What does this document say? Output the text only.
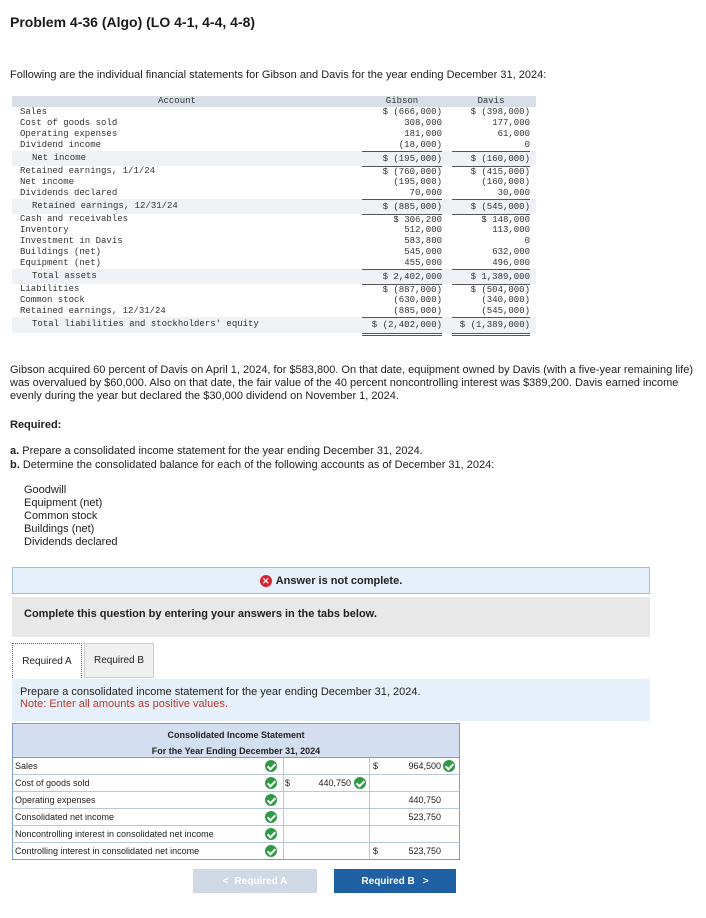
Problem 4-36 (Algo) (LO 4-1, 4-4, 4-8)
Following are the individual financial statements for Gibson and Davis for the year ending December 31, 2024:
Account	Gibson	Davis
Sales	$ (666,000)	$ (398,000)
Cost of goods sold	308,000	177,000
Operating expenses	181,000	61,000
Dividend income	(18,000)	0
Net income	$ (195,000)	$ (160,000)
Retained earnings, 1/1/24	$ (760,000)	$ (415,000)
Net income	(195,000)	(160,000)
Dividends declared	70,000	30,000
Retained earnings, 12/31/24	$ (885,000)	$ (545,000)
Cash and receivables	$ 306,200	$ 148,000
Inventory	512,000	113,000
Investment in Davis	583,800	0
Buildings (net)	545,000	632,000
Equipment (net)	455,000	496,000
Total assets	$ 2,402,000	$ 1,389,000
Liabilities	$ (887,000)	$ (504,000)
Common stock	(630,000)	(340,000)
Retained earnings, 12/31/24	(885,000)	(545,000)
Total liabilities and stockholders' equity	$ (2,402,000)	$ (1,389,000)
Gibson acquired 60 percent of Davis on April 1, 2024, for $583,800. On that date, equipment owned by Davis (with a five-year remaining life) was overvalued by $60,000. Also on that date, the fair value of the 40 percent noncontrolling interest was $389,200. Davis earned income evenly during the year but declared the $30,000 dividend on November 1, 2024.
Required:
a. Prepare a consolidated income statement for the year ending December 31, 2024.
b. Determine the consolidated balance for each of the following accounts as of December 31, 2024:
Goodwill
Equipment (net)
Common stock
Buildings (net)
Dividends declared
✕ Answer is not complete.
Complete this question by entering your answers in the tabs below.
Required A	Required B
Prepare a consolidated income statement for the year ending December 31, 2024.
Note: Enter all amounts as positive values.
Consolidated Income Statement
For the Year Ending December 31, 2024
Sales	$	964,500
Cost of goods sold	$	440,750
Operating expenses	440,750
Consolidated net income	523,750
Noncontrolling interest in consolidated net income
Controlling interest in consolidated net income	$	523,750
< Required A	Required B >
